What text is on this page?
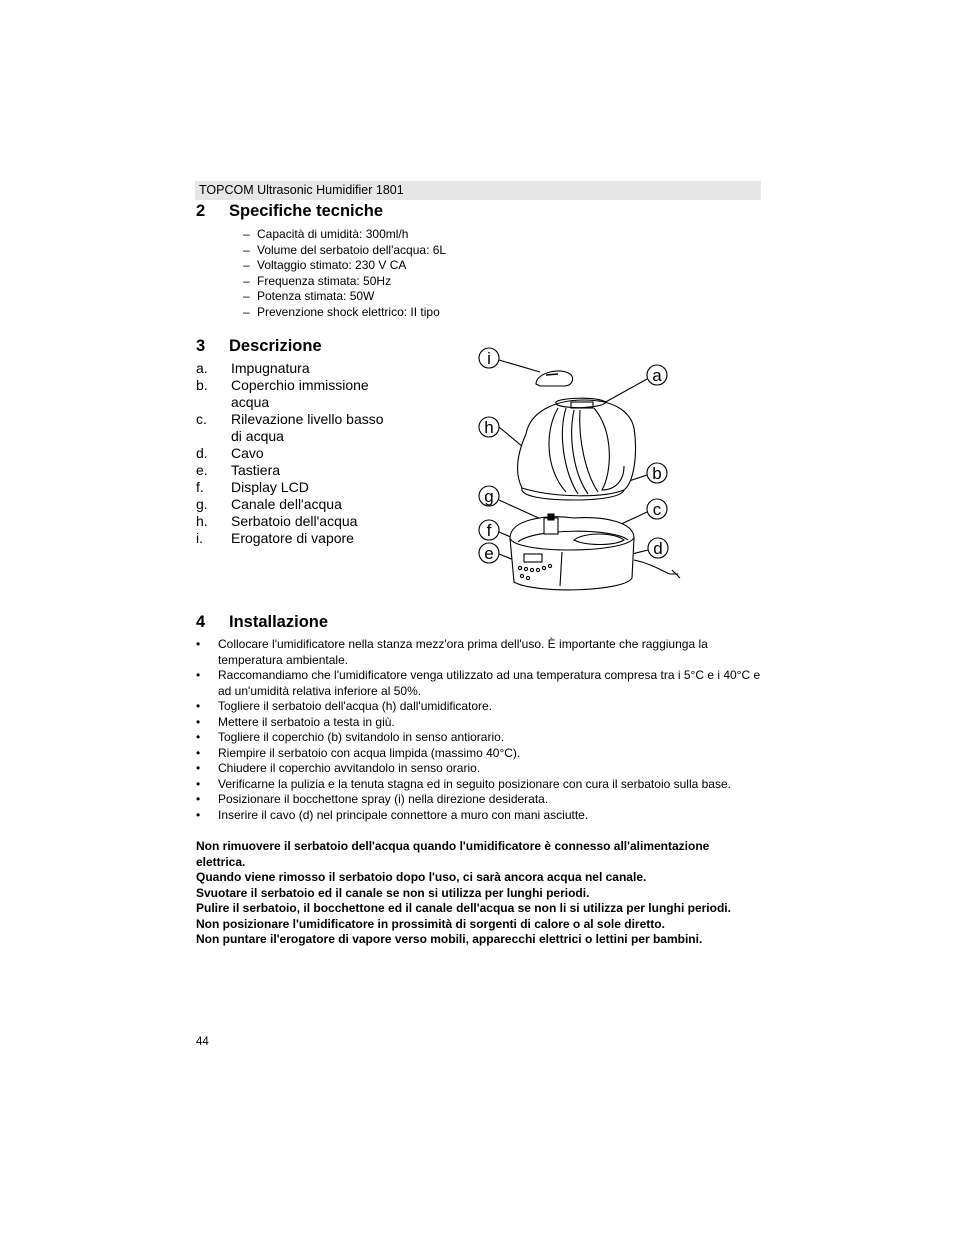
TOPCOM Ultrasonic Humidifier 1801
2 Specifiche tecniche
– Capacità di umidità: 300ml/h
– Volume del serbatoio dell'acqua: 6L
– Voltaggio stimato: 230 V CA
– Frequenza stimata: 50Hz
– Potenza stimata: 50W
– Prevenzione shock elettrico: II tipo
3 Descrizione
a. Impugnatura
b. Coperchio immissione acqua
c. Rilevazione livello basso di acqua
d. Cavo
e. Tastiera
f. Display LCD
g. Canale dell'acqua
h. Serbatoio dell'acqua
i. Erogatore di vapore
i
a
h
b
g
c
f
d
e
4 Installazione
• Collocare l'umidificatore nella stanza mezz'ora prima dell'uso. È importante che raggiunga la temperatura ambientale.
• Raccomandiamo che l'umidificatore venga utilizzato ad una temperatura compresa tra i 5°C e i 40°C e ad un'umidità relativa inferiore al 50%.
• Togliere il serbatoio dell'acqua (h) dall'umidificatore.
• Mettere il serbatoio a testa in giù.
• Togliere il coperchio (b) svitandolo in senso antiorario.
• Riempire il serbatoio con acqua limpida (massimo 40°C).
• Chiudere il coperchio avvitandolo in senso orario.
• Verificarne la pulizia e la tenuta stagna ed in seguito posizionare con cura il serbatoio sulla base.
• Posizionare il bocchettone spray (i) nella direzione desiderata.
• Inserire il cavo (d) nel principale connettore a muro con mani asciutte.

Non rimuovere il serbatoio dell'acqua quando l'umidificatore è connesso all'alimentazione elettrica.

Quando viene rimosso il serbatoio dopo l'uso, ci sarà ancora acqua nel canale.

Svuotare il serbatoio ed il canale se non si utilizza per lunghi periodi.

Pulire il serbatoio, il bocchettone ed il canale dell'acqua se non li si utilizza per lunghi periodi.

Non posizionare l'umidificatore in prossimità di sorgenti di calore o al sole diretto.

Non puntare il'erogatore di vapore verso mobili, apparecchi elettrici o lettini per bambini.

44
